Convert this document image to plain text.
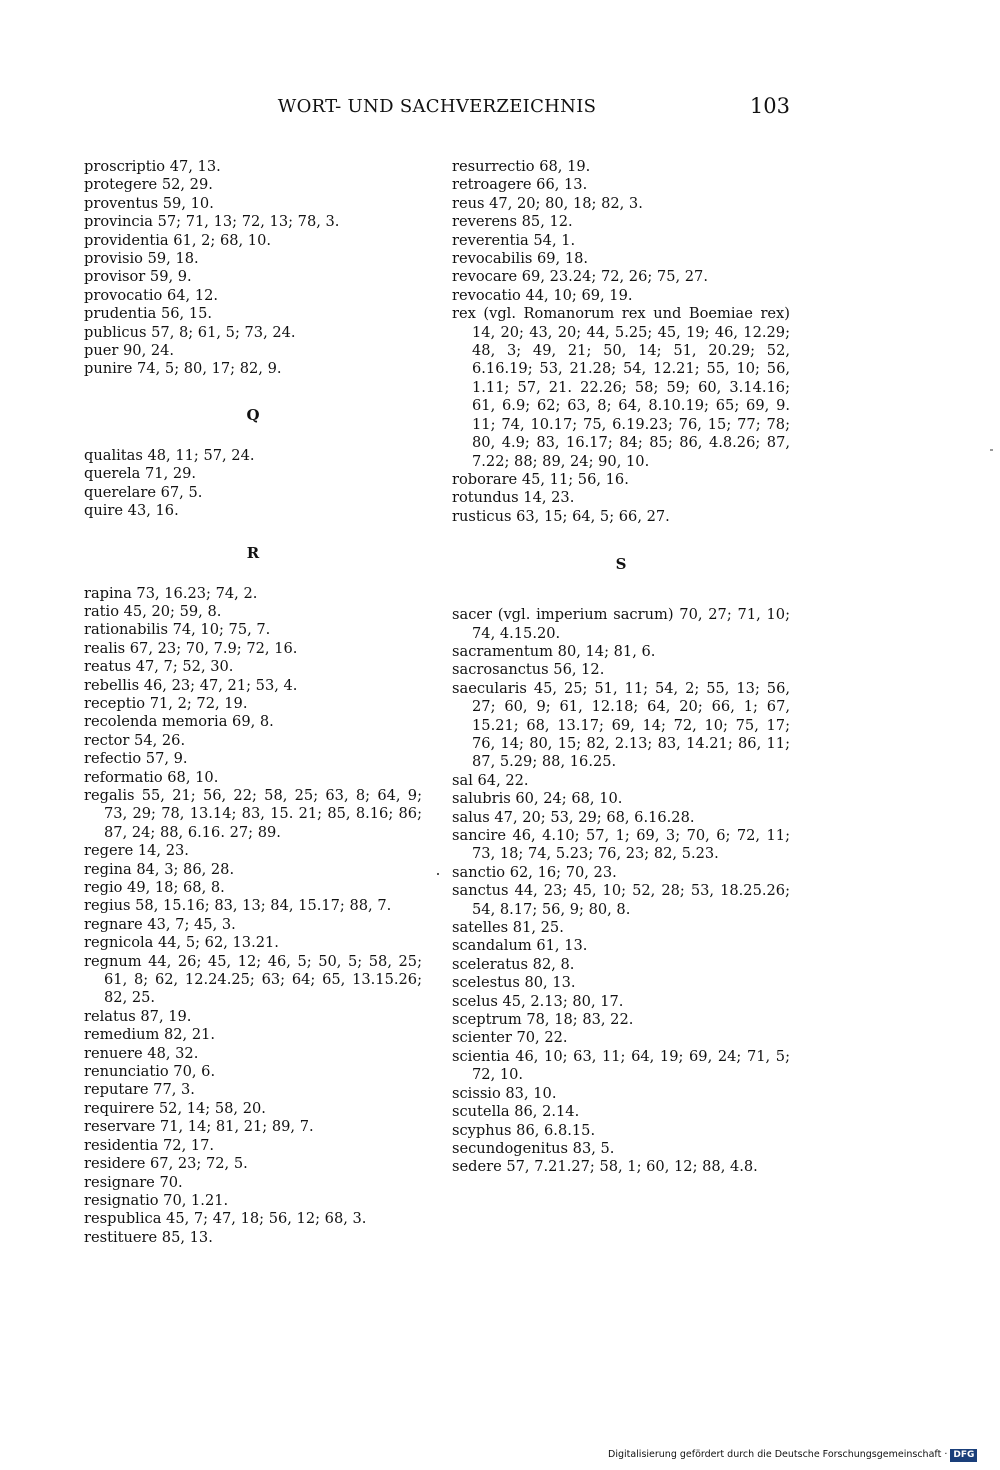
WORT- UND SACHVERZEICHNIS	103

proscriptio 47, 13.

protegere 52, 29.

proventus 59, 10.

provincia 57; 71, 13; 72, 13; 78, 3.

providentia 61, 2; 68, 10.

provisio 59, 18.

provisor 59, 9.

provocatio 64, 12.

prudentia 56, 15.

publicus 57, 8; 61, 5; 73, 24.

puer 90, 24.

punire 74, 5; 80, 17; 82, 9.

Q

qualitas 48, 11; 57, 24.

querela 71, 29.

querelare 67, 5.

quire 43, 16.

R

rapina 73, 16.23; 74, 2.

ratio 45, 20; 59, 8.

rationabilis 74, 10; 75, 7.

realis 67, 23; 70, 7.9; 72, 16.

reatus 47, 7; 52, 30.

rebellis 46, 23; 47, 21; 53, 4.

receptio 71, 2; 72, 19.

recolenda memoria 69, 8.

rector 54, 26.

refectio 57, 9.

reformatio 68, 10.

regalis 55, 21; 56, 22; 58, 25; 63, 8; 64, 9; 73, 29; 78, 13.14; 83, 15. 21; 85, 8.16; 86; 87, 24; 88, 6.16. 27; 89.

regere 14, 23.

regina 84, 3; 86, 28.

regio 49, 18; 68, 8.

regius 58, 15.16; 83, 13; 84, 15.17; 88, 7.

regnare 43, 7; 45, 3.

regnicola 44, 5; 62, 13.21.

regnum 44, 26; 45, 12; 46, 5; 50, 5; 58, 25; 61, 8; 62, 12.24.25; 63; 64; 65, 13.15.26; 82, 25.

relatus 87, 19.

remedium 82, 21.

renuere 48, 32.

renunciatio 70, 6.

reputare 77, 3.

requirere 52, 14; 58, 20.

reservare 71, 14; 81, 21; 89, 7.

residentia 72, 17.

residere 67, 23; 72, 5.

resignare 70.

resignatio 70, 1.21.

respublica 45, 7; 47, 18; 56, 12; 68, 3.

restituere 85, 13.

resurrectio 68, 19.

retroagere 66, 13.

reus 47, 20; 80, 18; 82, 3.

reverens 85, 12.

reverentia 54, 1.

revocabilis 69, 18.

revocare 69, 23.24; 72, 26; 75, 27.

revocatio 44, 10; 69, 19.

rex (vgl. Romanorum rex und Boemiae rex) 14, 20; 43, 20; 44, 5.25; 45, 19; 46, 12.29; 48, 3; 49, 21; 50, 14; 51, 20.29; 52, 6.16.19; 53, 21.28; 54, 12.21; 55, 10; 56, 1.11; 57, 21. 22.26; 58; 59; 60, 3.14.16; 61, 6.9; 62; 63, 8; 64, 8.10.19; 65; 69, 9. 11; 74, 10.17; 75, 6.19.23; 76, 15; 77; 78; 80, 4.9; 83, 16.17; 84; 85; 86, 4.8.26; 87, 7.22; 88; 89, 24; 90, 10.

roborare 45, 11; 56, 16.

rotundus 14, 23.

rusticus 63, 15; 64, 5; 66, 27.

S

sacer (vgl. imperium sacrum) 70, 27; 71, 10; 74, 4.15.20.

sacramentum 80, 14; 81, 6.

sacrosanctus 56, 12.

saecularis 45, 25; 51, 11; 54, 2; 55, 13; 56, 27; 60, 9; 61, 12.18; 64, 20; 66, 1; 67, 15.21; 68, 13.17; 69, 14; 72, 10; 75, 17; 76, 14; 80, 15; 82, 2.13; 83, 14.21; 86, 11; 87, 5.29; 88, 16.25.

sal 64, 22.

salubris 60, 24; 68, 10.

salus 47, 20; 53, 29; 68, 6.16.28.

sancire 46, 4.10; 57, 1; 69, 3; 70, 6; 72, 11; 73, 18; 74, 5.23; 76, 23; 82, 5.23.

sanctio 62, 16; 70, 23.

sanctus 44, 23; 45, 10; 52, 28; 53, 18.25.26; 54, 8.17; 56, 9; 80, 8.

satelles 81, 25.

scandalum 61, 13.

sceleratus 82, 8.

scelestus 80, 13.

scelus 45, 2.13; 80, 17.

sceptrum 78, 18; 83, 22.

scienter 70, 22.

scientia 46, 10; 63, 11; 64, 19; 69, 24; 71, 5; 72, 10.

scissio 83, 10.

scutella 86, 2.14.

scyphus 86, 6.8.15.

secundogenitus 83, 5.

sedere 57, 7.21.27; 58, 1; 60, 12; 88, 4.8.

Digitalisierung gefördert durch die Deutsche Forschungsgemeinschaft · DFG
